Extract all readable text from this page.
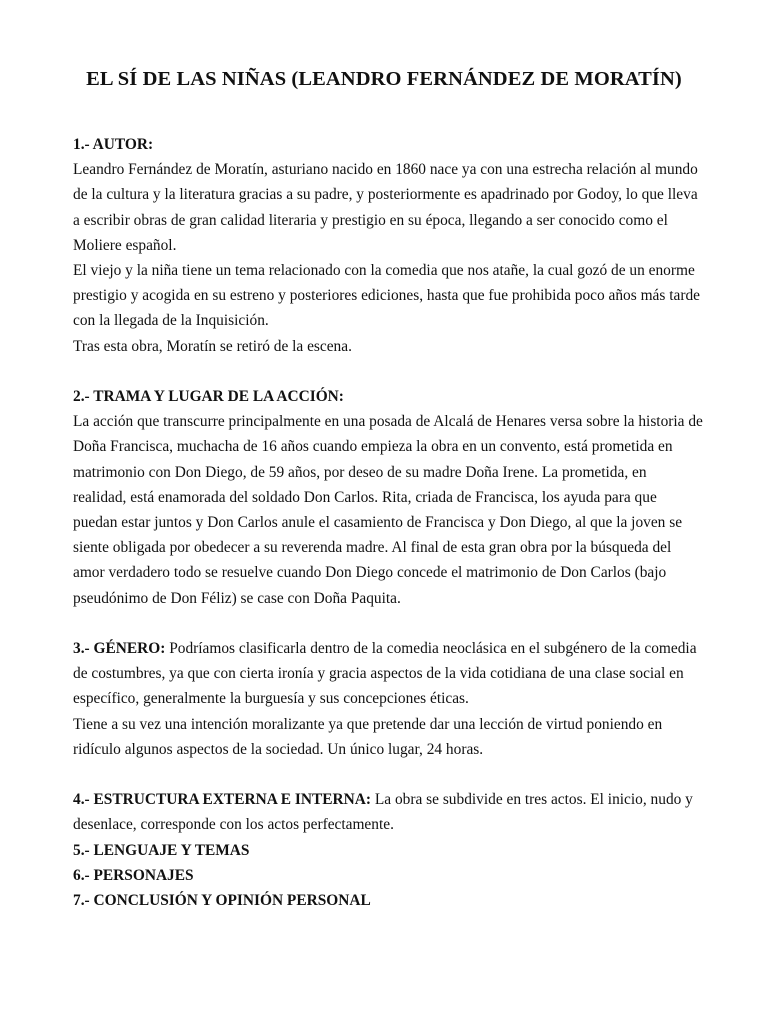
EL SÍ DE LAS NIÑAS (LEANDRO FERNÁNDEZ DE MORATÍN)

1.- AUTOR:

Leandro Fernández de Moratín, asturiano nacido en 1860 nace ya con una estrecha relación al mundo de la cultura y la literatura gracias a su padre, y posteriormente es apadrinado por Godoy, lo que lleva a escribir obras de gran calidad literaria y prestigio en su época, llegando a ser conocido como el Moliere español.

El viejo y la niña tiene un tema relacionado con la comedia que nos atañe, la cual gozó de un enorme prestigio y acogida en su estreno y posteriores ediciones, hasta que fue prohibida poco años más tarde con la llegada de la Inquisición.

Tras esta obra, Moratín se retiró de la escena.

2.- TRAMA Y LUGAR DE LA ACCIÓN:

La acción que transcurre principalmente en una posada de Alcalá de Henares versa sobre la historia de Doña Francisca, muchacha de 16 años cuando empieza la obra en un convento, está prometida en matrimonio con Don Diego, de 59 años, por deseo de su madre Doña Irene. La prometida, en realidad, está enamorada del soldado Don Carlos. Rita, criada de Francisca, los ayuda para que puedan estar juntos y Don Carlos anule el casamiento de Francisca y Don Diego, al que la joven se siente obligada por obedecer a su reverenda madre. Al final de esta gran obra por la búsqueda del amor verdadero todo se resuelve cuando Don Diego concede el matrimonio de Don Carlos (bajo pseudónimo de Don Féliz) se case con Doña Paquita.

3.- GÉNERO: Podríamos clasificarla dentro de la comedia neoclásica en el subgénero de la comedia de costumbres, ya que con cierta ironía y gracia aspectos de la vida cotidiana de una clase social en específico, generalmente la burguesía y sus concepciones éticas.

Tiene a su vez una intención moralizante ya que pretende dar una lección de virtud poniendo en ridículo algunos aspectos de la sociedad. Un único lugar, 24 horas.

4.- ESTRUCTURA EXTERNA E INTERNA: La obra se subdivide en tres actos. El inicio, nudo y desenlace, corresponde con los actos perfectamente.

5.- LENGUAJE Y TEMAS

6.- PERSONAJES

7.- CONCLUSIÓN Y OPINIÓN PERSONAL
